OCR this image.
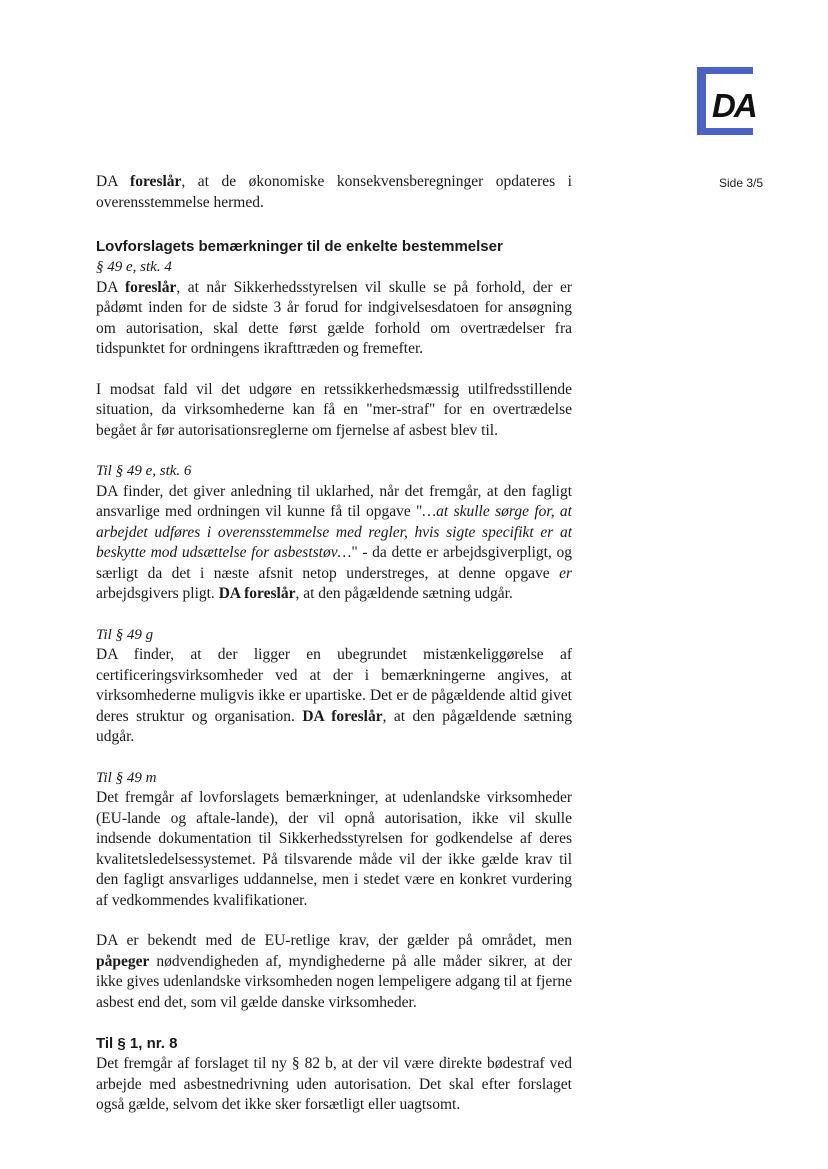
DA
Side 3/5

DA foreslår, at de økonomiske konsekvensberegninger opdateres i overensstemmelse hermed.

Lovforslagets bemærkninger til de enkelte bestemmelser

§ 49 e, stk. 4

DA foreslår, at når Sikkerhedsstyrelsen vil skulle se på forhold, der er pådømt inden for de sidste 3 år forud for indgivelsesdatoen for ansøgning om autorisation, skal dette først gælde forhold om overtrædelser fra tidspunktet for ordningens ikrafttræden og fremefter.

I modsat fald vil det udgøre en retssikkerhedsmæssig utilfredsstillende situation, da virksomhederne kan få en "mer-straf" for en overtrædelse begået år før autorisationsreglerne om fjernelse af asbest blev til.

Til § 49 e, stk. 6

DA finder, det giver anledning til uklarhed, når det fremgår, at den fagligt ansvarlige med ordningen vil kunne få til opgave "…at skulle sørge for, at arbejdet udføres i overensstemmelse med regler, hvis sigte specifikt er at beskytte mod udsættelse for asbeststøv…" - da dette er arbejdsgiverpligt, og særligt da det i næste afsnit netop understreges, at denne opgave er arbejdsgivers pligt. DA foreslår, at den pågældende sætning udgår.

Til § 49 g

DA finder, at der ligger en ubegrundet mistænkeliggørelse af certificeringsvirksomheder ved at der i bemærkningerne angives, at virksomhederne muligvis ikke er upartiske. Det er de pågældende altid givet deres struktur og organisation. DA foreslår, at den pågældende sætning udgår.

Til § 49 m

Det fremgår af lovforslagets bemærkninger, at udenlandske virksomheder (EU-lande og aftale-lande), der vil opnå autorisation, ikke vil skulle indsende dokumentation til Sikkerhedsstyrelsen for godkendelse af deres kvalitetsledelsessystemet. På tilsvarende måde vil der ikke gælde krav til den fagligt ansvarliges uddannelse, men i stedet være en konkret vurdering af vedkommendes kvalifikationer.

DA er bekendt med de EU-retlige krav, der gælder på området, men påpeger nødvendigheden af, myndighederne på alle måder sikrer, at der ikke gives udenlandske virksomheden nogen lempeligere adgang til at fjerne asbest end det, som vil gælde danske virksomheder.

Til § 1, nr. 8

Det fremgår af forslaget til ny § 82 b, at der vil være direkte bødestraf ved arbejde med asbestnedrivning uden autorisation. Det skal efter forslaget også gælde, selvom det ikke sker forsætligt eller uagtsomt.
